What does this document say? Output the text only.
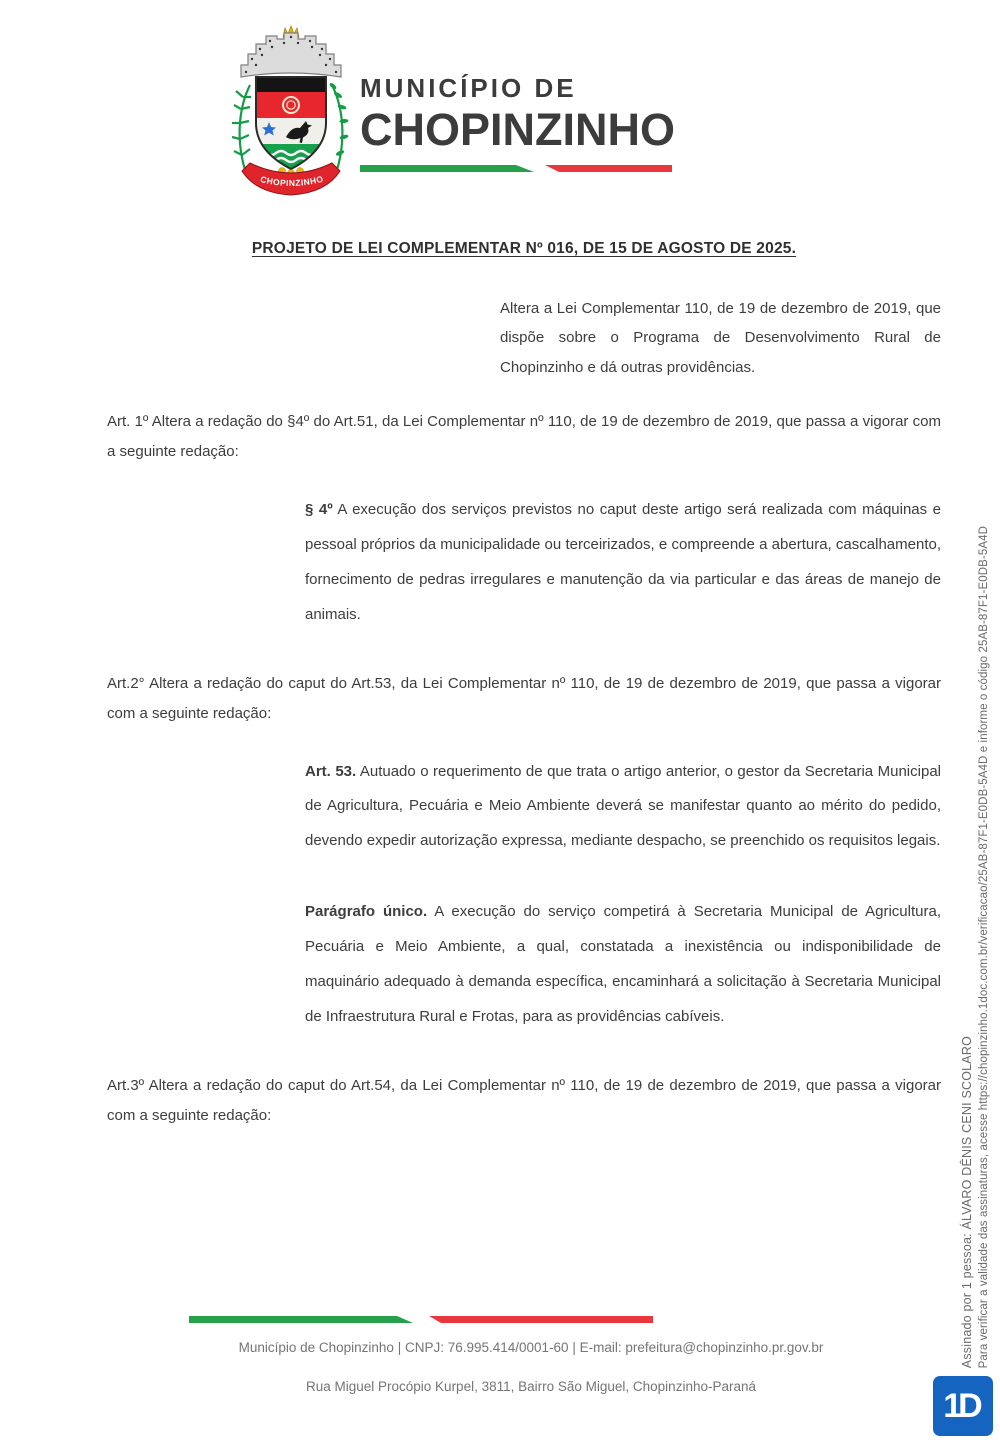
CHOPINZINHO
MUNICÍPIO DE
CHOPINZINHO
PROJETO DE LEI COMPLEMENTAR Nº 016, DE 15 DE AGOSTO DE 2025.

Altera a Lei Complementar 110, de 19 de dezembro de 2019, que dispõe sobre o Programa de Desenvolvimento Rural de Chopinzinho e dá outras providências.

Art. 1º Altera a redação do §4º do Art.51, da Lei Complementar nº 110, de 19 de dezembro de 2019, que passa a vigorar com a seguinte redação:

§ 4º A execução dos serviços previstos no caput deste artigo será realizada com máquinas e pessoal próprios da municipalidade ou terceirizados, e compreende a abertura, cascalhamento, fornecimento de pedras irregulares e manutenção da via particular e das áreas de manejo de animais.

Art.2° Altera a redação do caput do Art.53, da Lei Complementar nº 110, de 19 de dezembro de 2019, que passa a vigorar com a seguinte redação:

Art. 53. Autuado o requerimento de que trata o artigo anterior, o gestor da Secretaria Municipal de Agricultura, Pecuária e Meio Ambiente deverá se manifestar quanto ao mérito do pedido, devendo expedir autorização expressa, mediante despacho, se preenchido os requisitos legais.

Parágrafo único. A execução do serviço competirá à Secretaria Municipal de Agricultura, Pecuária e Meio Ambiente, a qual, constatada a inexistência ou indisponibilidade de maquinário adequado à demanda específica, encaminhará a solicitação à Secretaria Municipal de Infraestrutura Rural e Frotas, para as providências cabíveis.

Art.3º Altera a redação do caput do Art.54, da Lei Complementar nº 110, de 19 de dezembro de 2019, que passa a vigorar com a seguinte redação:

Município de Chopinzinho | CNPJ: 76.995.414/0001-60 | E-mail: prefeitura@chopinzinho.pr.gov.br
Rua Miguel Procópio Kurpel, 3811, Bairro São Miguel, Chopinzinho-Paraná
Assinado por 1 pessoa: ÁLVARO DÊNIS CENI SCOLARO Para verificar a validade das assinaturas, acesse https://chopinzinho.1doc.com.br/verificacao/25AB-87F1-E0DB-5A4D e informe o código 25AB-87F1-E0DB-5A4D
1D
